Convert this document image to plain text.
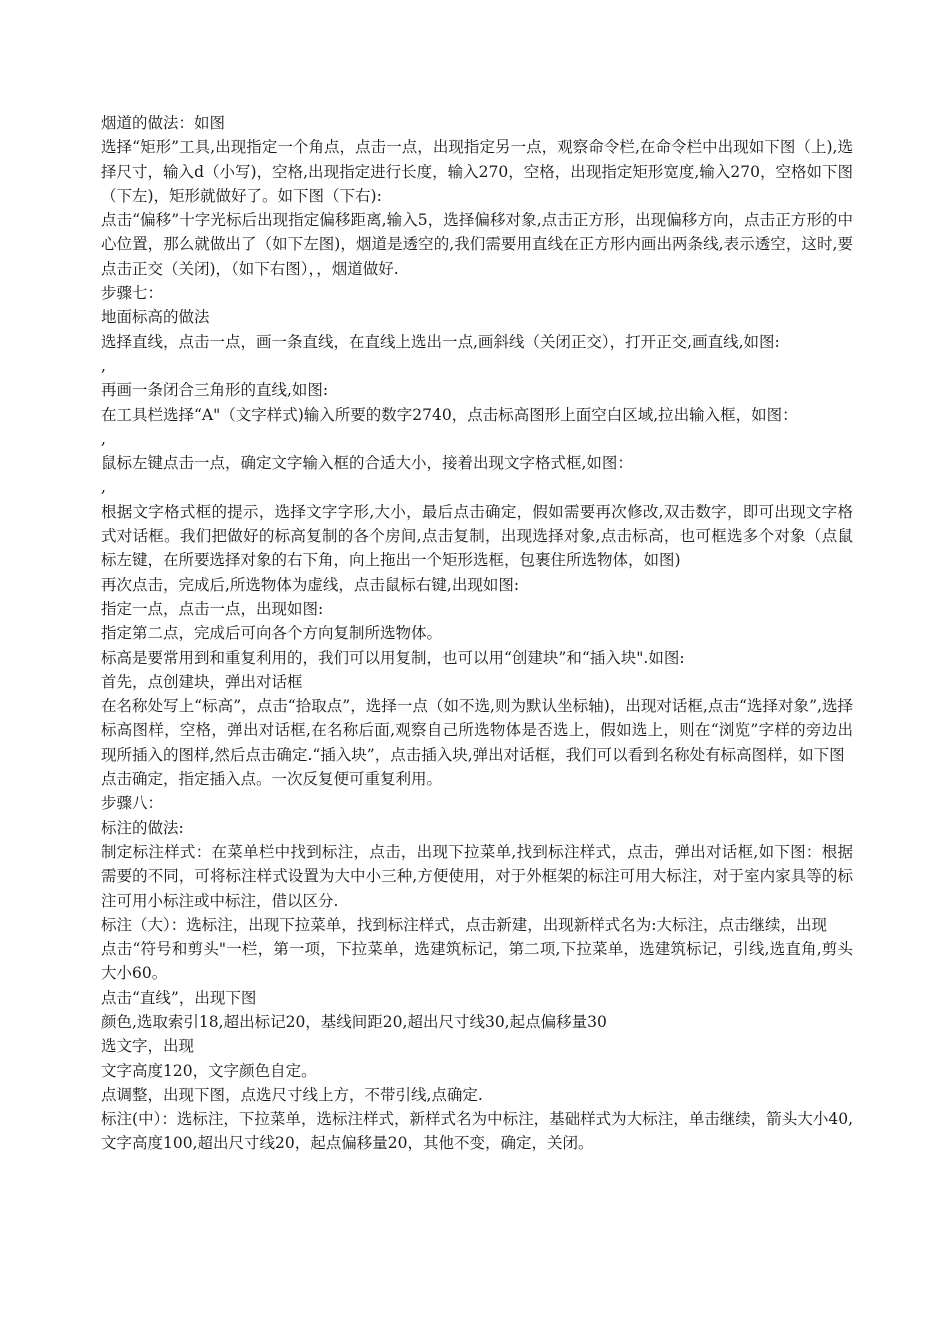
烟道的做法：如图

选择“矩形”工具,出现指定一个角点，点击一点，出现指定另一点，观察命令栏,在命令栏中出现如下图（上),选择尺寸，输入d（小写)，空格,出现指定进行长度，输入270，空格，出现指定矩形宽度,输入270，空格如下图（下左)，矩形就做好了。如下图（下右):

点击“偏移”十字光标后出现指定偏移距离,输入5，选择偏移对象,点击正方形，出现偏移方向，点击正方形的中心位置，那么就做出了（如下左图)，烟道是透空的,我们需要用直线在正方形内画出两条线,表示透空，这时,要点击正交（关闭)，（如下右图），，烟道做好.

步骤七：

地面标高的做法

选择直线，点击一点，画一条直线，在直线上选出一点,画斜线（关闭正交），打开正交,画直线,如图:

,

再画一条闭合三角形的直线,如图:

在工具栏选择“A"（文字样式)输入所要的数字2740，点击标高图形上面空白区域,拉出输入框，如图：

,

鼠标左键点击一点，确定文字输入框的合适大小，接着出现文字格式框,如图：

,

根据文字格式框的提示，选择文字字形,大小，最后点击确定，假如需要再次修改,双击数字，即可出现文字格式对话框。我们把做好的标高复制的各个房间,点击复制，出现选择对象,点击标高，也可框选多个对象（点鼠标左键，在所要选择对象的右下角，向上拖出一个矩形选框，包裹住所选物体，如图)

再次点击，完成后,所选物体为虚线，点击鼠标右键,出现如图:

指定一点，点击一点，出现如图:

指定第二点，完成后可向各个方向复制所选物体。

标高是要常用到和重复利用的，我们可以用复制，也可以用“创建块”和“插入块".如图:

首先，点创建块，弹出对话框

在名称处写上“标高”，点击“拾取点”，选择一点（如不选,则为默认坐标轴)，出现对话框,点击“选择对象”,选择标高图样，空格，弹出对话框,在名称后面,观察自己所选物体是否选上，假如选上，则在“浏览”字样的旁边出现所插入的图样,然后点击确定.“插入块”，点击插入块,弹出对话框，我们可以看到名称处有标高图样，如下图

点击确定，指定插入点。一次反复便可重复利用。

步骤八：

标注的做法:

制定标注样式：在菜单栏中找到标注，点击，出现下拉菜单,找到标注样式，点击，弹出对话框,如下图：根据需要的不同，可将标注样式设置为大中小三种,方便使用，对于外框架的标注可用大标注，对于室内家具等的标注可用小标注或中标注，借以区分.

标注（大）：选标注，出现下拉菜单，找到标注样式，点击新建，出现新样式名为:大标注，点击继续，出现

点击“符号和剪头"一栏，第一项，下拉菜单，选建筑标记，第二项,下拉菜单，选建筑标记，引线,选直角,剪头大小60。

点击“直线”，出现下图

颜色,选取索引18,超出标记20，基线间距20,超出尺寸线30,起点偏移量30

选文字，出现

文字高度120，文字颜色自定。

点调整，出现下图，点选尺寸线上方，不带引线,点确定.

标注(中）：选标注，下拉菜单，选标注样式，新样式名为中标注，基础样式为大标注，单击继续，箭头大小40,文字高度100,超出尺寸线20，起点偏移量20，其他不变，确定，关闭。
